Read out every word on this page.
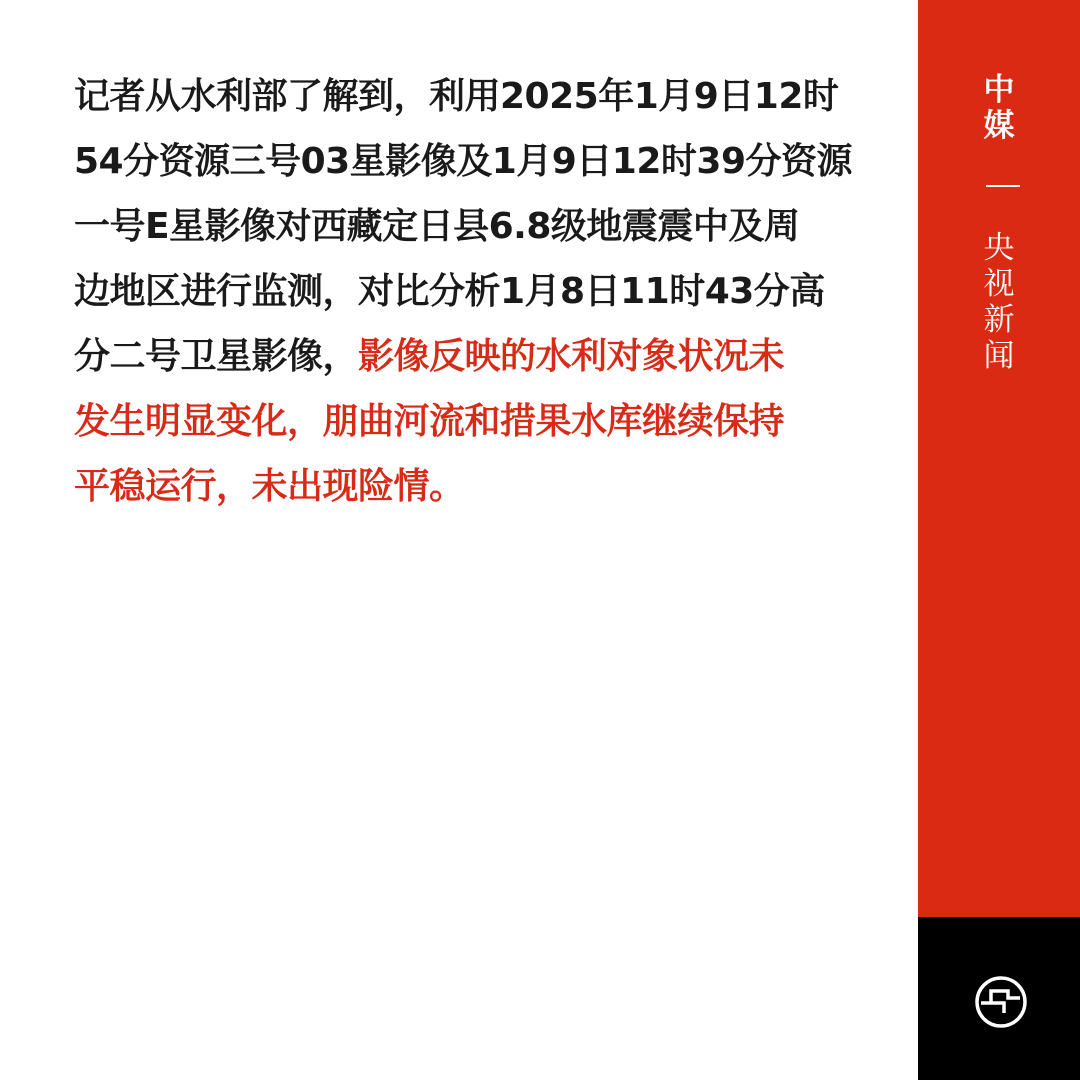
记者从水利部了解到，利用2025年1月9日12时
54分资源三号03星影像及1月9日12时39分资源
一号E星影像对西藏定日县6.8级地震震中及周
边地区进行监测，对比分析1月8日11时43分高
分二号卫星影像，影像反映的水利对象状况未
发生明显变化，朋曲河流和措果水库继续保持
平稳运行，未出现险情。
中
媒
央
视
新
闻
